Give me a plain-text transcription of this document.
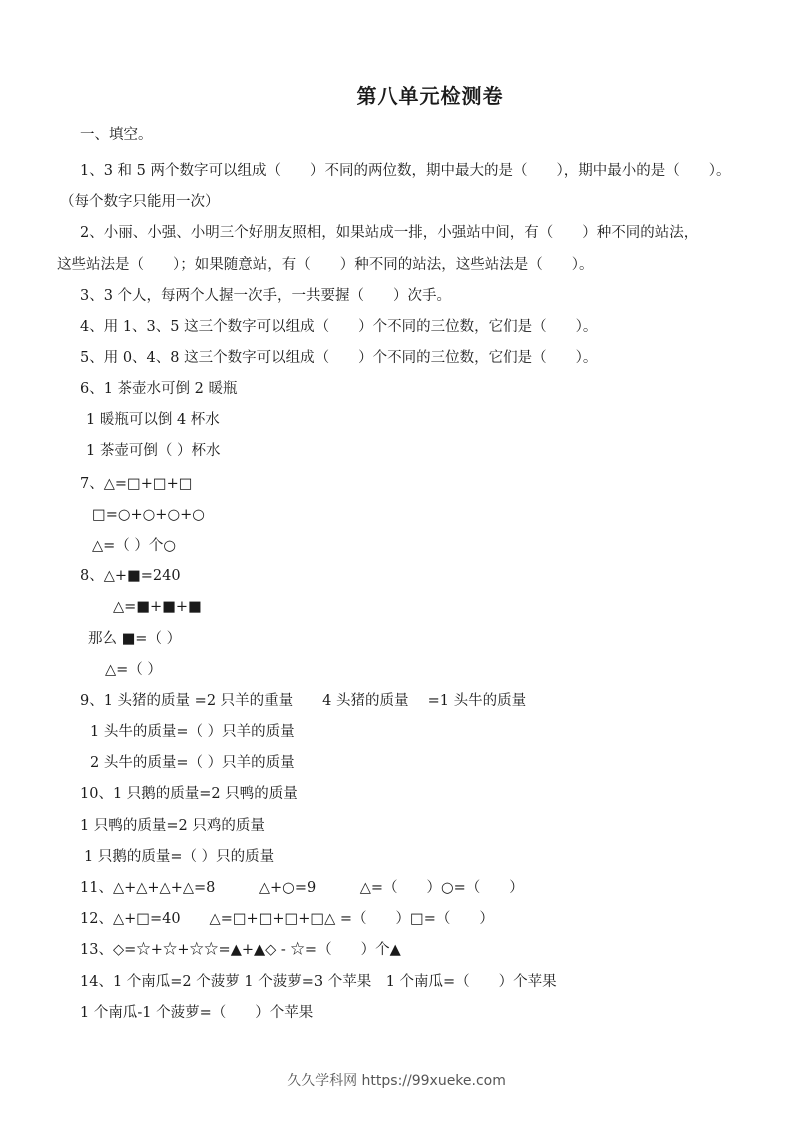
第八单元检测卷
一、填空。
1、3 和 5 两个数字可以组成（　　）不同的两位数，期中最大的是（　　），期中最小的是（　　）。
（每个数字只能用一次）
2、小丽、小强、小明三个好朋友照相，如果站成一排，小强站中间，有（　　）种不同的站法，
这些站法是（　　）；如果随意站，有（　　）种不同的站法，这些站法是（　　）。
3、3 个人，每两个人握一次手，一共要握（　　）次手。
4、用 1、3、5 这三个数字可以组成（　　）个不同的三位数，它们是（　　）。
5、用 0、4、8 这三个数字可以组成（　　）个不同的三位数，它们是（　　）。
6、1 茶壶水可倒 2 暖瓶
1 暖瓶可以倒 4 杯水
1 茶壶可倒（ ）杯水
7、△=□+□+□
□=○+○+○+○
△=（ ）个○
8、△+■=240
△=■+■+■
那么 ■=（ ）
△=（ ）
9、1 头猪的质量 =2 只羊的重量　　4 头猪的质量　 =1 头牛的质量
1 头牛的质量=（ ）只羊的质量
2 头牛的质量=（ ）只羊的质量
10、1 只鹅的质量=2 只鸭的质量
1 只鸭的质量=2 只鸡的质量
1 只鹅的质量=（ ）只的质量
11、△+△+△+△=8　　　△+○=9　　　△=（　　）○=（　　）
12、△+□=40　　△=□+□+□+□△ =（　　）□=（　　）
13、◇=☆+☆+☆☆=▲+▲◇ - ☆=（　　）个▲
14、1 个南瓜=2 个菠萝 1 个菠萝=3 个苹果　1 个南瓜=（　　）个苹果
1 个南瓜-1 个菠萝=（　　）个苹果
久久学科网 https://99xueke.com
